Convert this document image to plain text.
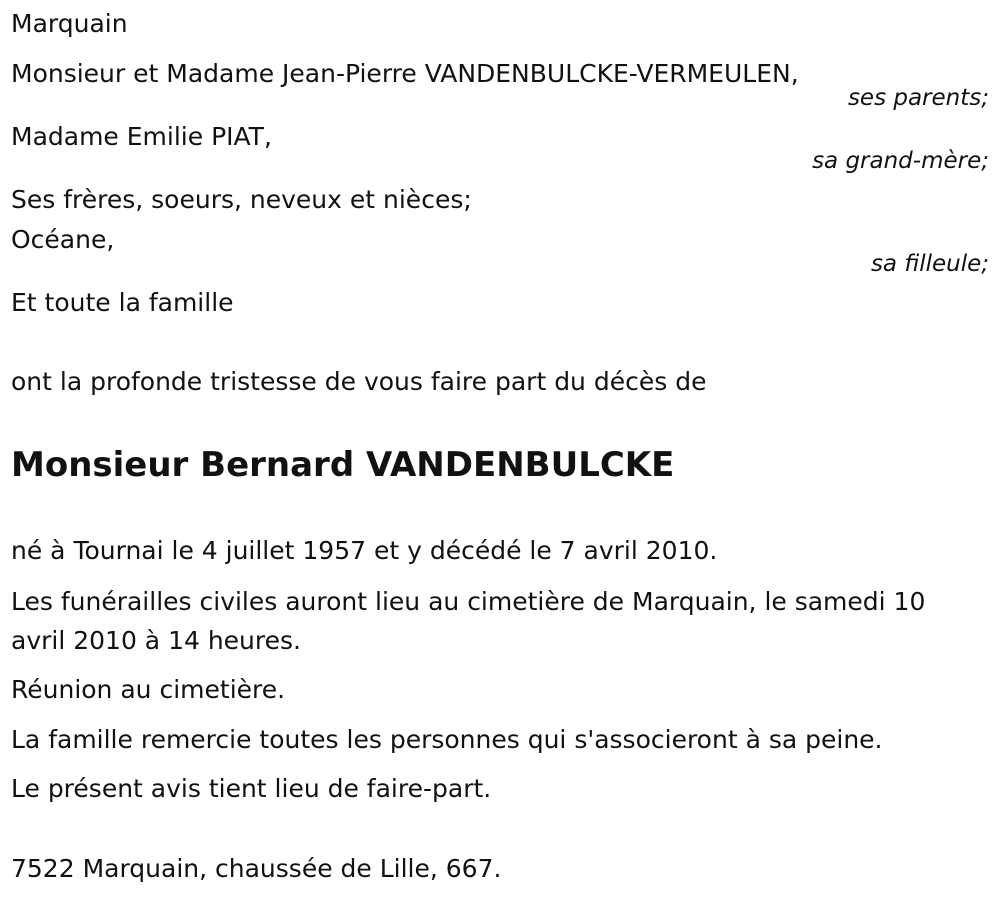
Marquain
Monsieur et Madame Jean-Pierre VANDENBULCKE-VERMEULEN,
ses parents;
Madame Emilie PIAT,
sa grand-mère;
Ses frères, soeurs, neveux et nièces;
Océane,
sa filleule;
Et toute la famille
ont la profonde tristesse de vous faire part du décès de
Monsieur Bernard VANDENBULCKE
né à Tournai le 4 juillet 1957 et y décédé le 7 avril 2010.
Les funérailles civiles auront lieu au cimetière de Marquain, le samedi 10 avril 2010 à 14 heures.
Réunion au cimetière.
La famille remercie toutes les personnes qui s'associeront à sa peine.
Le présent avis tient lieu de faire-part.
7522 Marquain, chaussée de Lille, 667.
